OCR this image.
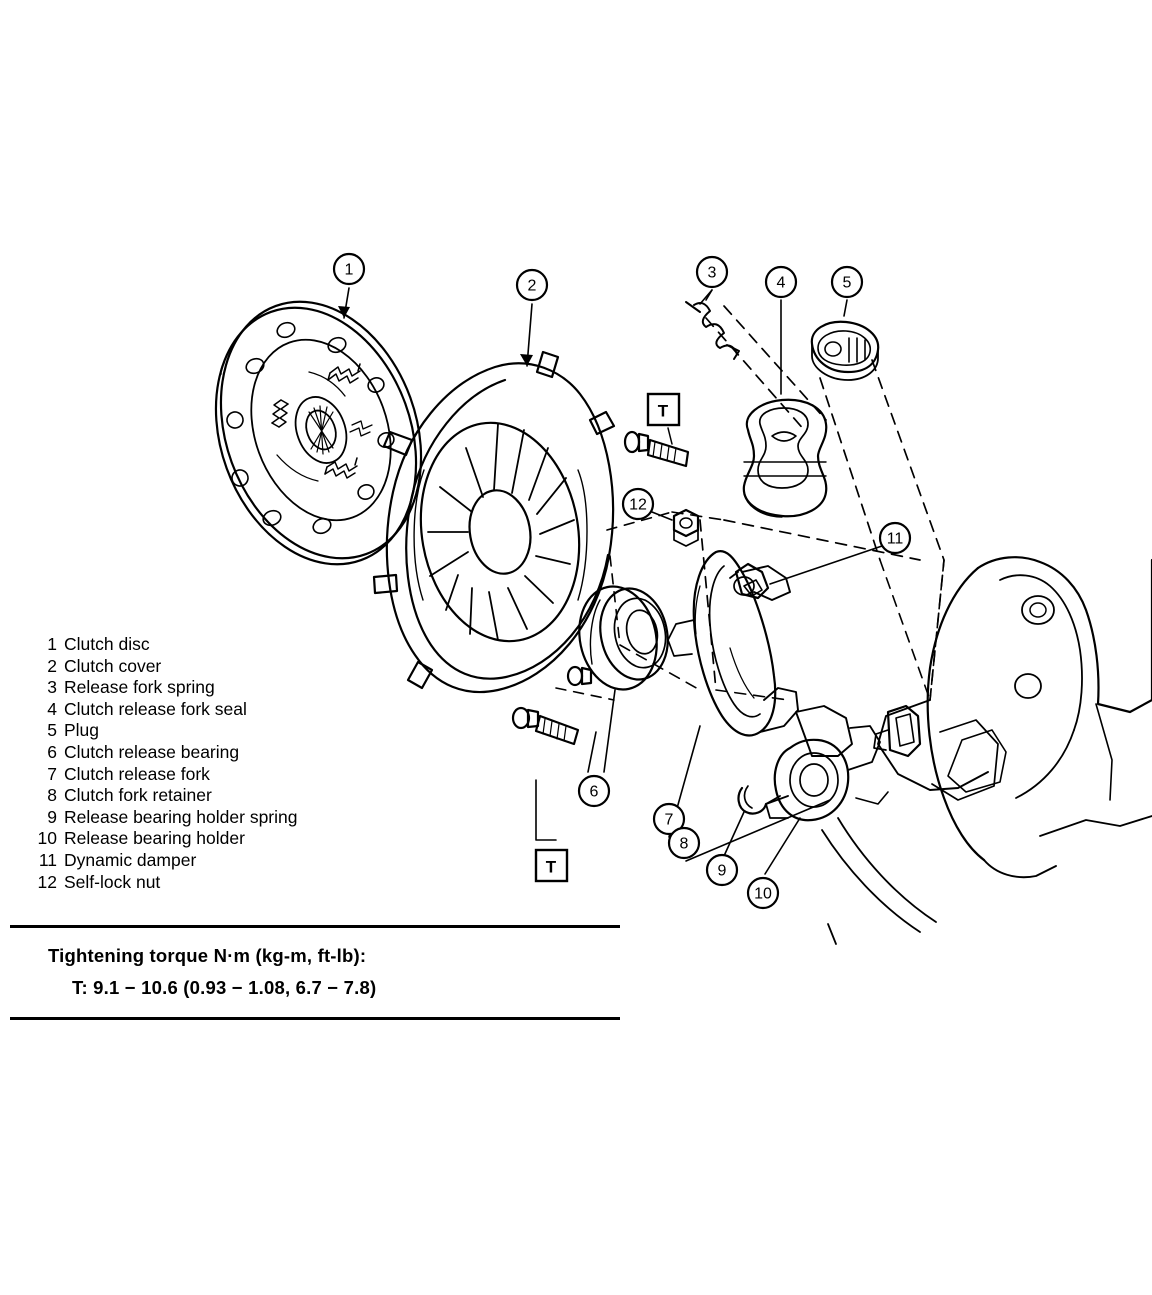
1
2
3
4	5
6
7
8
9
10
11
12
T
T
1 Clutch disc
2 Clutch cover
3 Release fork spring
4 Clutch release fork seal
5 Plug
6 Clutch release bearing
7 Clutch release fork
8 Clutch fork retainer
9 Release bearing holder spring
10 Release bearing holder
11 Dynamic damper
12 Self-lock nut
Tightening torque N·m (kg-m, ft-lb):
T: 9.1 − 10.6 (0.93 − 1.08, 6.7 − 7.8)
